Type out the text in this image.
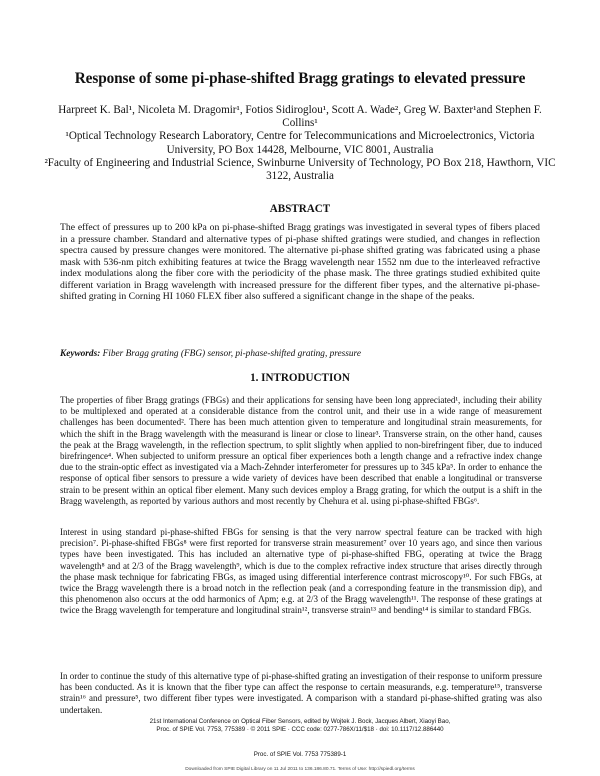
Response of some pi-phase-shifted Bragg gratings to elevated pressure

Harpreet K. Bal¹, Nicoleta M. Dragomir¹, Fotios Sidiroglou¹, Scott A. Wade², Greg W. Baxter¹and Stephen F. Collins¹

¹Optical Technology Research Laboratory, Centre for Telecommunications and Microelectronics, Victoria University, PO Box 14428, Melbourne, VIC 8001, Australia

²Faculty of Engineering and Industrial Science, Swinburne University of Technology, PO Box 218, Hawthorn, VIC 3122, Australia

ABSTRACT

The effect of pressures up to 200 kPa on pi-phase-shifted Bragg gratings was investigated in several types of fibers placed in a pressure chamber. Standard and alternative types of pi-phase shifted gratings were studied, and changes in reflection spectra caused by pressure changes were monitored. The alternative pi-phase shifted grating was fabricated using a phase mask with 536-nm pitch exhibiting features at twice the Bragg wavelength near 1552 nm due to the interleaved refractive index modulations along the fiber core with the periodicity of the phase mask. The three gratings studied exhibited quite different variation in Bragg wavelength with increased pressure for the different fiber types, and the alternative pi-phase-shifted grating in Corning HI 1060 FLEX fiber also suffered a significant change in the shape of the peaks.

Keywords: Fiber Bragg grating (FBG) sensor, pi-phase-shifted grating, pressure

1. INTRODUCTION

The properties of fiber Bragg gratings (FBGs) and their applications for sensing have been long appreciated¹, including their ability to be multiplexed and operated at a considerable distance from the control unit, and their use in a wide range of measurement challenges has been documented². There has been much attention given to temperature and longitudinal strain measurements, for which the shift in the Bragg wavelength with the measurand is linear or close to linear³. Transverse strain, on the other hand, causes the peak at the Bragg wavelength, in the reflection spectrum, to split slightly when applied to non-birefringent fiber, due to induced birefringence⁴. When subjected to uniform pressure an optical fiber experiences both a length change and a refractive index change due to the strain-optic effect as investigated via a Mach-Zehnder interferometer for pressures up to 345 kPa⁵. In order to enhance the response of optical fiber sensors to pressure a wide variety of devices have been described that enable a longitudinal or transverse strain to be present within an optical fiber element. Many such devices employ a Bragg grating, for which the output is a shift in the Bragg wavelength, as reported by various authors and most recently by Chehura et al. using pi-phase-shifted FBGs⁶.

Interest in using standard pi-phase-shifted FBGs for sensing is that the very narrow spectral feature can be tracked with high precision⁷. Pi-phase-shifted FBGs⁸ were first reported for transverse strain measurement⁷ over 10 years ago, and since then various types have been investigated. This has included an alternative type of pi-phase-shifted FBG, operating at twice the Bragg wavelength⁸ and at 2/3 of the Bragg wavelength⁹, which is due to the complex refractive index structure that arises directly through the phase mask technique for fabricating FBGs, as imaged using differential interference contrast microscopy¹⁰. For such FBGs, at twice the Bragg wavelength there is a broad notch in the reflection peak (and a corresponding feature in the transmission dip), and this phenomenon also occurs at the odd harmonics of Λpm; e.g. at 2/3 of the Bragg wavelength¹¹. The response of these gratings at twice the Bragg wavelength for temperature and longitudinal strain¹², transverse strain¹³ and bending¹⁴ is similar to standard FBGs.

In order to continue the study of this alternative type of pi-phase-shifted grating an investigation of their response to uniform pressure has been conducted. As it is known that the fiber type can affect the response to certain measurands, e.g. temperature¹⁵, transverse strain¹⁶ and pressure⁵, two different fiber types were investigated. A comparison with a standard pi-phase-shifted grating was also undertaken.

21st International Conference on Optical Fiber Sensors, edited by Wojtek J. Bock, Jacques Albert, Xiaoyi Bao,

Proc. of SPIE Vol. 7753, 775389 · © 2011 SPIE · CCC code: 0277-786X/11/$18 · doi: 10.1117/12.886440

Proc. of SPIE Vol. 7753 775389-1
Downloaded from SPIE Digital Library on 11 Jul 2011 to 136.186.80.71. Terms of Use: http://spiedl.org/terms
